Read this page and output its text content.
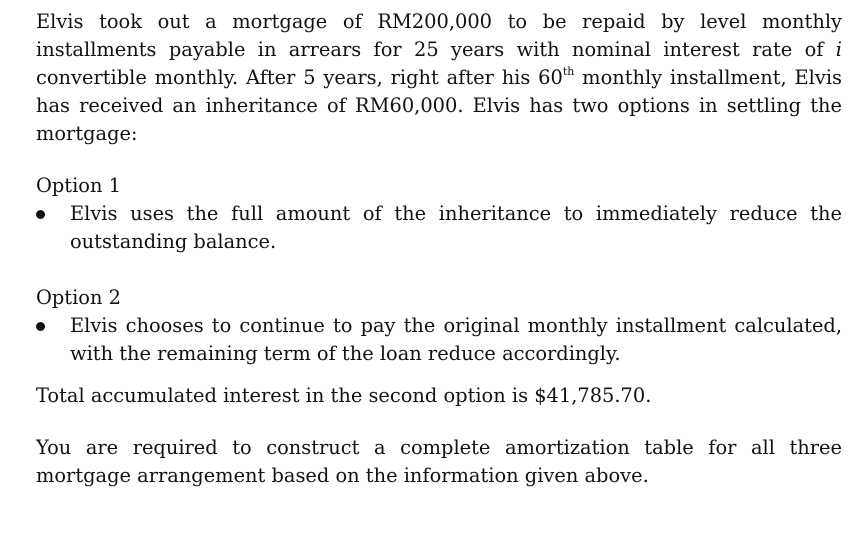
Elvis took out a mortgage of RM200,000 to be repaid by level monthly installments payable in arrears for 25 years with nominal interest rate of i convertible monthly. After 5 years, right after his 60th monthly installment, Elvis has received an inheritance of RM60,000. Elvis has two options in settling the mortgage:

Option 1

Elvis uses the full amount of the inheritance to immediately reduce the outstanding balance.

Option 2

Elvis chooses to continue to pay the original monthly installment calculated, with the remaining term of the loan reduce accordingly.

Total accumulated interest in the second option is $41,785.70.

You are required to construct a complete amortization table for all three mortgage arrangement based on the information given above.
